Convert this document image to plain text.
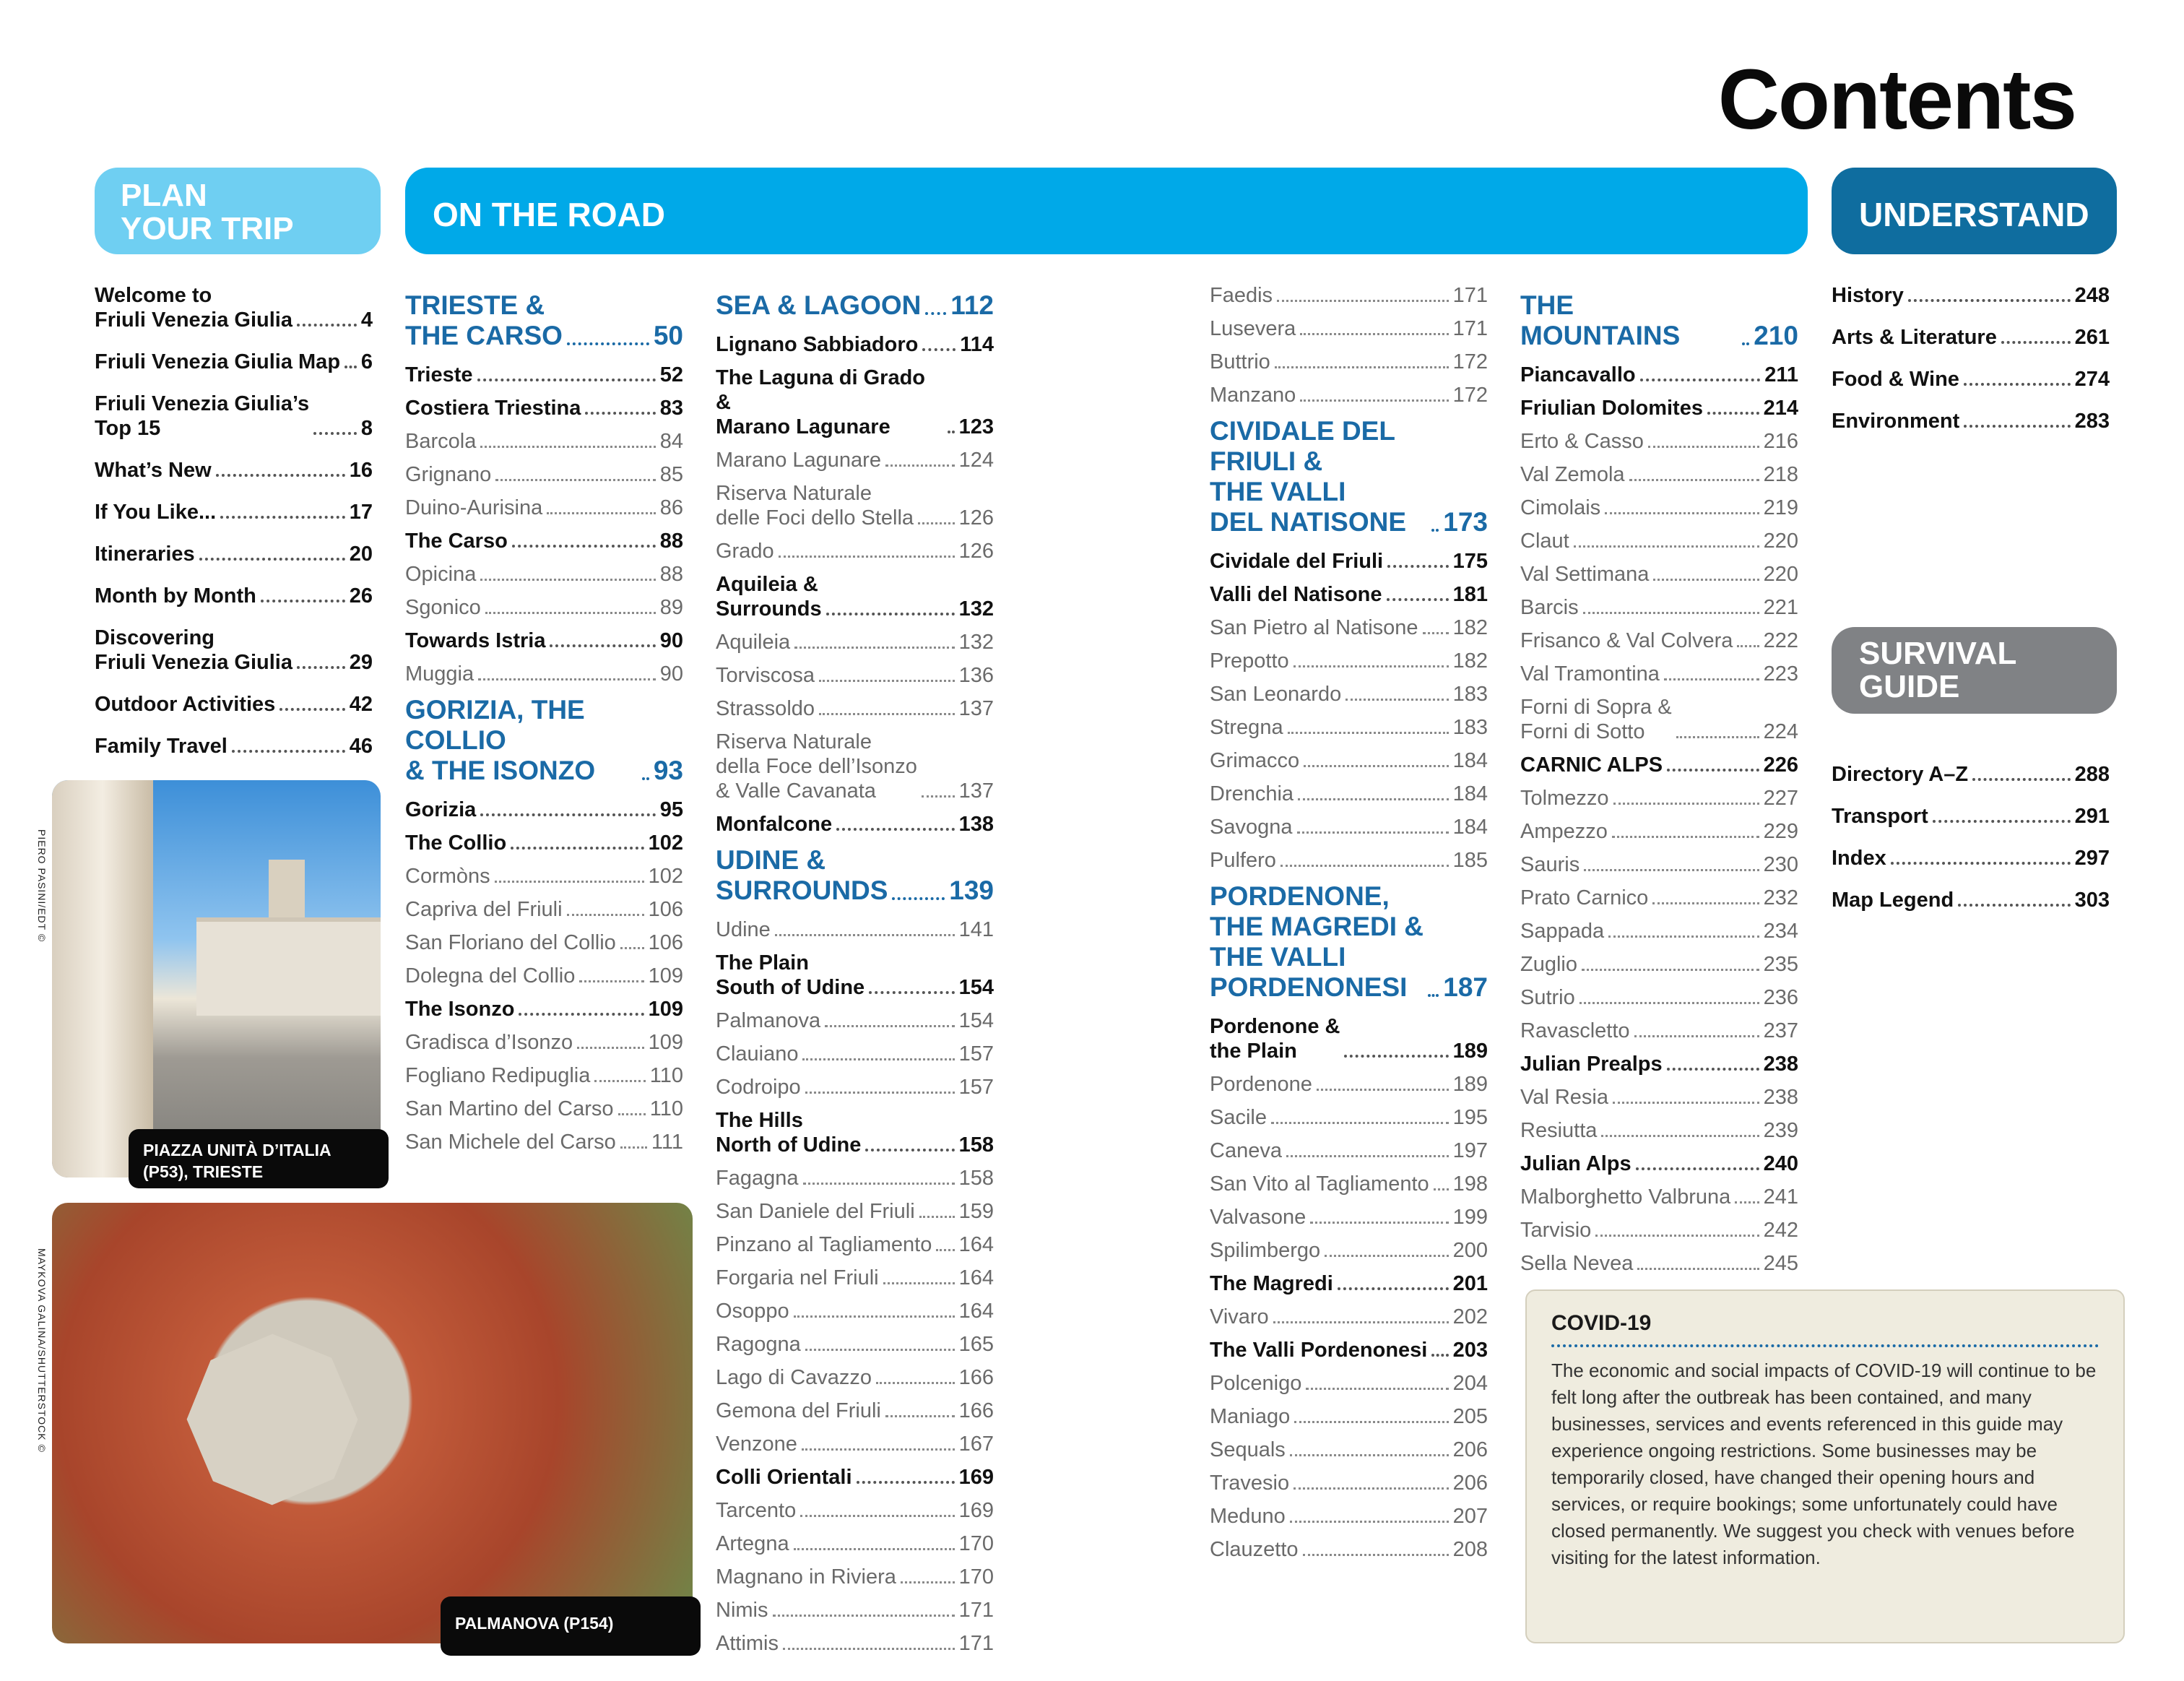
Contents
PLAN
YOUR TRIP	ON THE ROAD	UNDERSTAND
SURVIVAL
GUIDE
Welcome to
Friuli Venezia Giulia	4
Friuli Venezia Giulia Map 6
Friuli Venezia Giulia’s
Top 15	8
What’s New	16
If You Like...	17
Itineraries	20
Month by Month	26
Discovering
Friuli Venezia Giulia	29
Outdoor Activities	42
Family Travel	46
TRIESTE &
THE CARSO	50
Trieste	52
Costiera Triestina	83
Barcola	84
Grignano	85
Duino-Aurisina	86
The Carso	88
Opicina	88
Sgonico	89
Towards Istria	90
Muggia	90
GORIZIA, THE COLLIO
& THE ISONZO	93
Gorizia	95
The Collio	102
Cormòns	102
Capriva del Friuli	106
San Floriano del Collio 106
Dolegna del Collio	109
The Isonzo	109
Gradisca d’Isonzo	109
Fogliano Redipuglia	110
San Martino del Carso 110
San Michele del Carso 111
SEA & LAGOON 112
Lignano Sabbiadoro 114
The Laguna di Grado &
Marano Lagunare	123
Marano Lagunare	124
Riserva Naturale
delle Foci dello Stella 126
Grado	126
Aquileia &
Surrounds	132
Aquileia	132
Torviscosa	136
Strassoldo	137
Riserva Naturale
della Foce dell’Isonzo
& Valle Cavanata	137
Monfalcone	138
UDINE &
SURROUNDS 139
Udine	141
The Plain
South of Udine	154
Palmanova	154
Clauiano	157
Codroipo	157
The Hills
North of Udine	158
Fagagna	158
San Daniele del Friuli 159
Pinzano al Tagliamento 164
Forgaria nel Friuli	164
Osoppo	164
Ragogna	165
Lago di Cavazzo	166
Gemona del Friuli	166
Venzone	167
Colli Orientali	169
Tarcento	169
Artegna	170
Magnano in Riviera	170
Nimis	171
Attimis	171
Faedis	171
Lusevera	171
Buttrio	172
Manzano	172
CIVIDALE DEL FRIULI &
THE VALLI
DEL NATISONE	173
Cividale del Friuli	175
Valli del Natisone	181
San Pietro al Natisone 182
Prepotto	182
San Leonardo	183
Stregna	183
Grimacco	184
Drenchia	184
Savogna	184
Pulfero	185
PORDENONE,
THE MAGREDI &
THE VALLI
PORDENONESI	187
Pordenone &
the Plain	189
Pordenone	189
Sacile	195
Caneva	197
San Vito al Tagliamento 198
Valvasone	199
Spilimbergo	200
The Magredi	201
Vivaro	202
The Valli Pordenonesi 203
Polcenigo	204
Maniago	205
Sequals	206
Travesio	206
Meduno	207
Clauzetto	208
THE MOUNTAINS	210
Piancavallo	211
Friulian Dolomites	214
Erto & Casso	216
Val Zemola	218
Cimolais	219
Claut	220
Val Settimana	220
Barcis	221
Frisanco & Val Colvera 222
Val Tramontina	223
Forni di Sopra &
Forni di Sotto	224
CARNIC ALPS	226
Tolmezzo	227
Ampezzo	229
Sauris	230
Prato Carnico	232
Sappada	234
Zuglio	235
Sutrio	236
Ravascletto	237
Julian Prealps	238
Val Resia	238
Resiutta	239
Julian Alps	240
Malborghetto Valbruna 241
Tarvisio	242
Sella Nevea	245
History	248
Arts & Literature	261
Food & Wine	274
Environment	283
Directory A–Z	288
Transport	291
Index	297
Map Legend	303
PIAZZA UNITÀ D’ITALIA
(P53), TRIESTE
PIERO PASINI/EDT ©
PALMANOVA (P154)
MAYKOVA GALINA/SHUTTERSTOCK ©	COVID-19

The economic and social impacts of COVID-19 will continue to be felt long after the outbreak has been contained, and many businesses, services and events referenced in this guide may experience ongoing restrictions. Some businesses may be temporarily closed, have changed their opening hours and services, or require bookings; some unfortunately could have closed permanently. We suggest you check with venues before visiting for the latest information.
